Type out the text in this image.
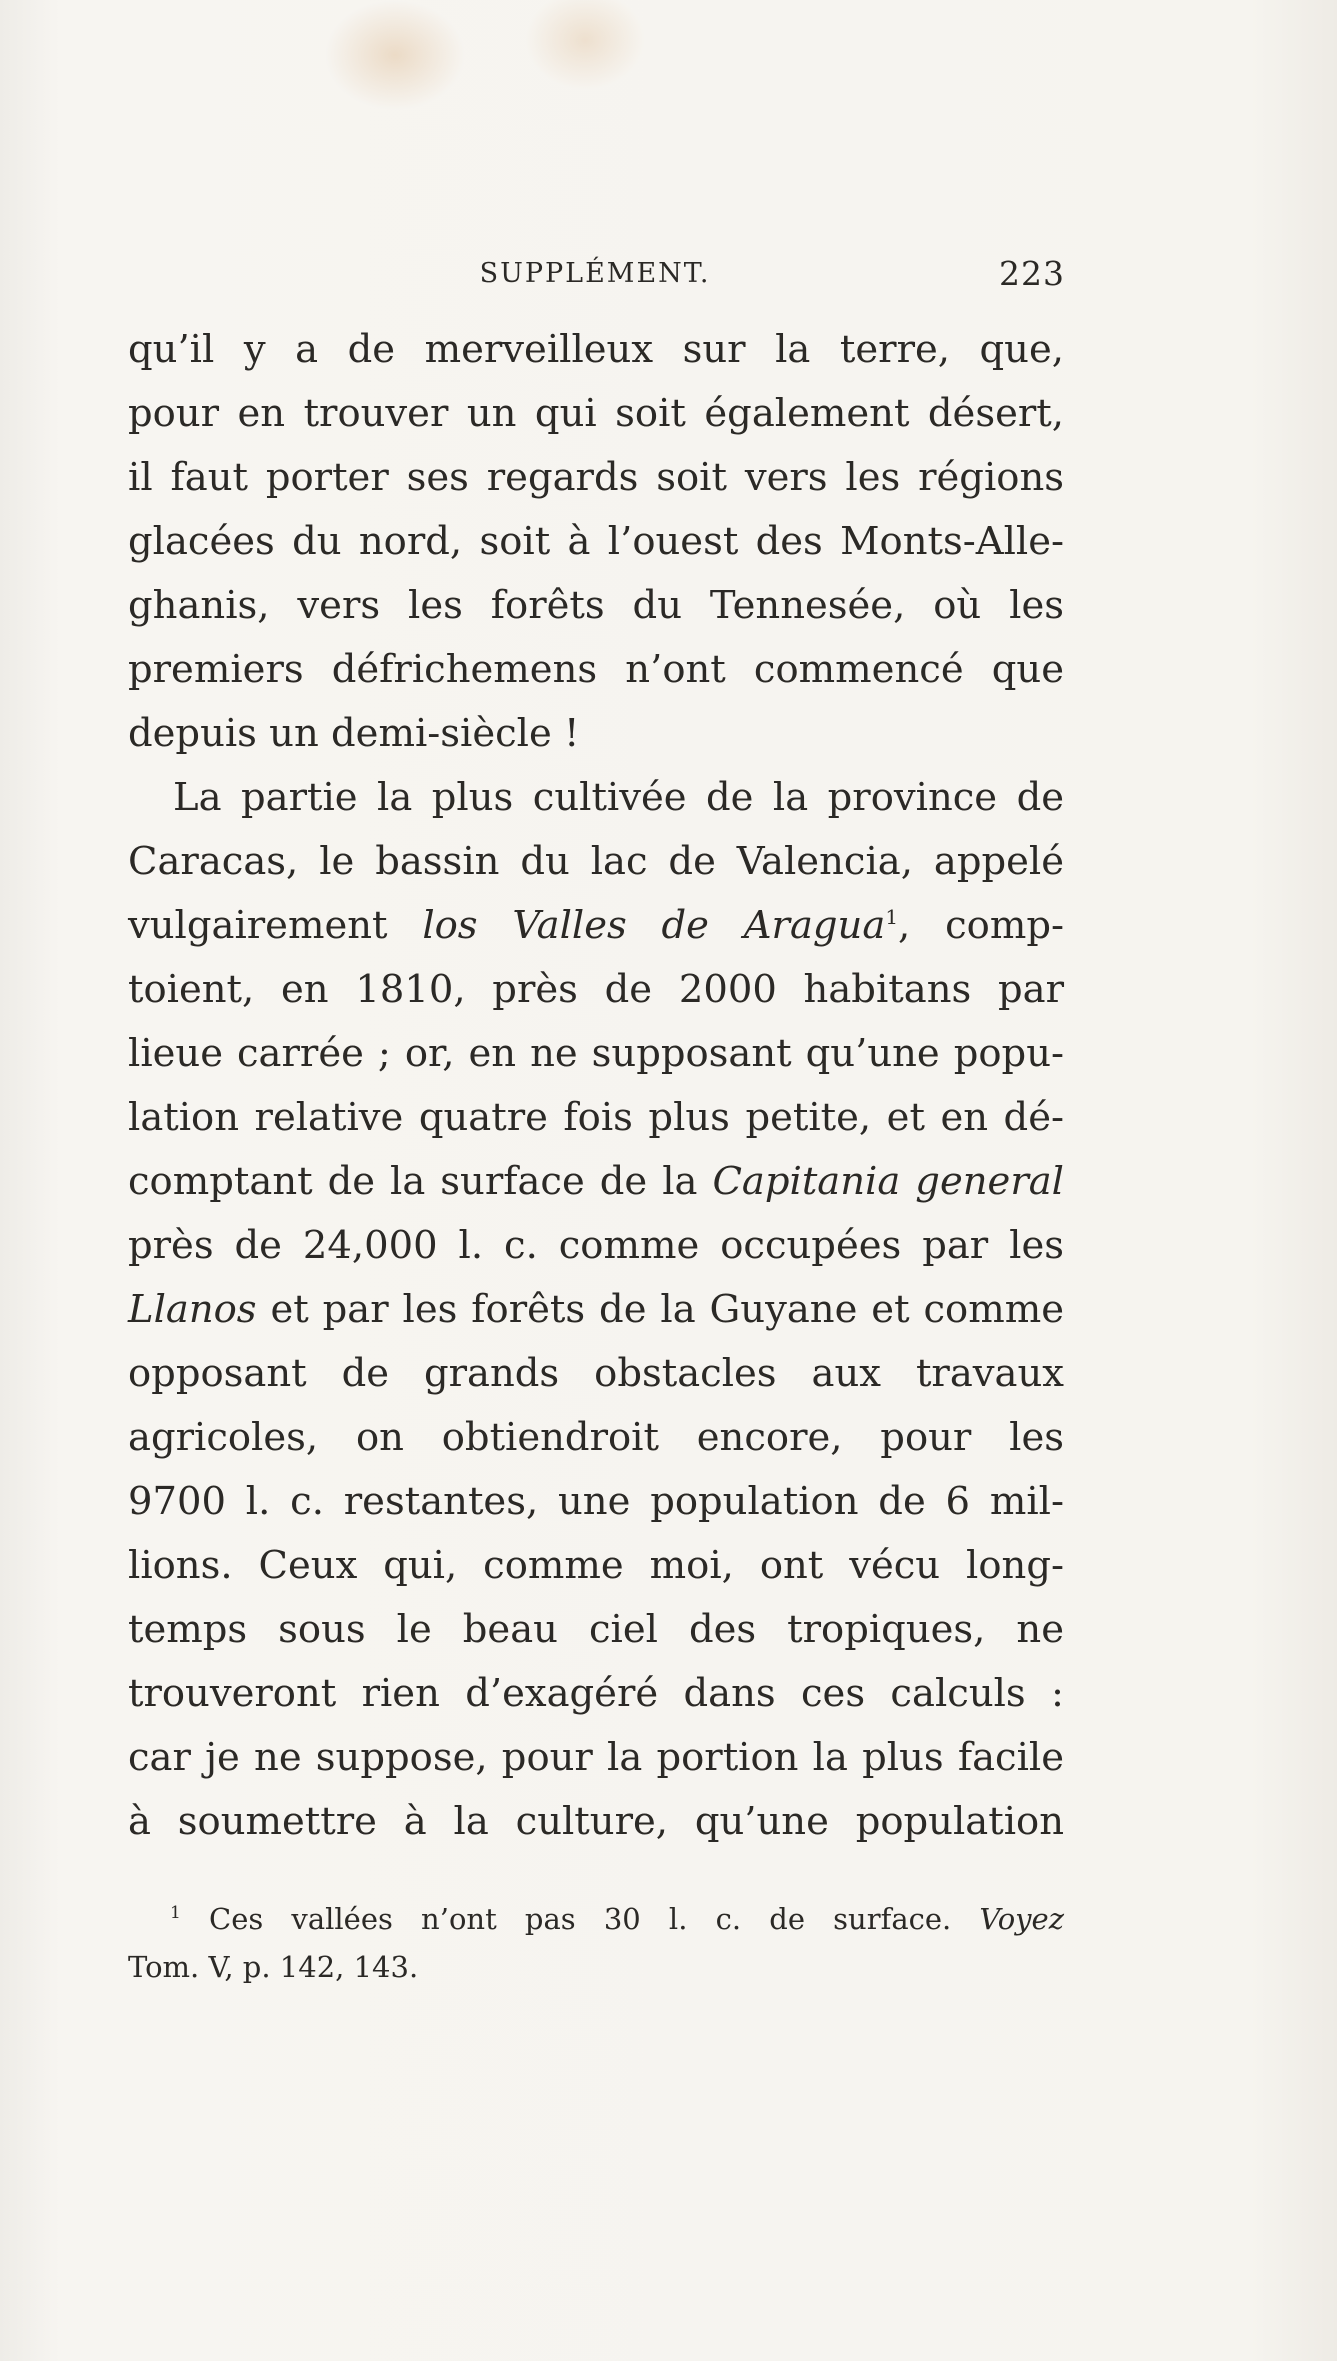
SUPPLÉMENT.	223
qu’il y a de merveilleux sur la terre, que,
pour en trouver un qui soit également désert,
il faut porter ses regards soit vers les régions
glacées du nord, soit à l’ouest des Monts-Alle-
ghanis, vers les forêts du Tennesée, où les
premiers défrichemens n’ont commencé que
depuis un demi-siècle !
La partie la plus cultivée de la province de
Caracas, le bassin du lac de Valencia, appelé
vulgairement los Valles de Aragua$^1$, comp-
toient, en 1810, près de 2000 habitans par
lieue carrée ; or, en ne supposant qu’une popu-
lation relative quatre fois plus petite, et en dé-
comptant de la surface de la Capitania general
près de 24,000 l. c. comme occupées par les
Llanos et par les forêts de la Guyane et comme
opposant de grands obstacles aux travaux
agricoles, on obtiendroit encore, pour les
9700 l. c. restantes, une population de 6 mil-
lions. Ceux qui, comme moi, ont vécu long-
temps sous le beau ciel des tropiques, ne
trouveront rien d’exagéré dans ces calculs :
car je ne suppose, pour la portion la plus facile
à soumettre à la culture, qu’une population
$^1$ Ces vallées n’ont pas 30 l. c. de surface. Voyez
Tom. V, p. 142, 143.
